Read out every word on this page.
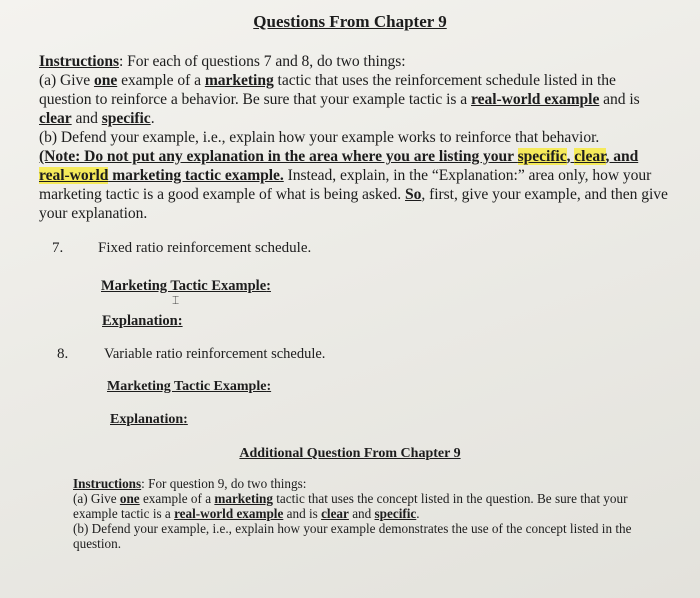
Questions From Chapter 9

Instructions: For each of questions 7 and 8, do two things:

(a) Give one example of a marketing tactic that uses the reinforcement schedule listed in the question to reinforce a behavior. Be sure that your example tactic is a real-world example and is clear and specific.

(b) Defend your example, i.e., explain how your example works to reinforce that behavior.

(Note: Do not put any explanation in the area where you are listing your specific, clear, and real-world marketing tactic example. Instead, explain, in the “Explanation:” area only, how your marketing tactic is a good example of what is being asked. So, first, give your example, and then give your explanation.

7. Fixed ratio reinforcement schedule.
Marketing Tactic Example:
⌶
Explanation:
8. Variable ratio reinforcement schedule.
Marketing Tactic Example:
Explanation:
Additional Question From Chapter 9

Instructions: For question 9, do two things:

(a) Give one example of a marketing tactic that uses the concept listed in the question. Be sure that your example tactic is a real-world example and is clear and specific.

(b) Defend your example, i.e., explain how your example demonstrates the use of the concept listed in the question.
